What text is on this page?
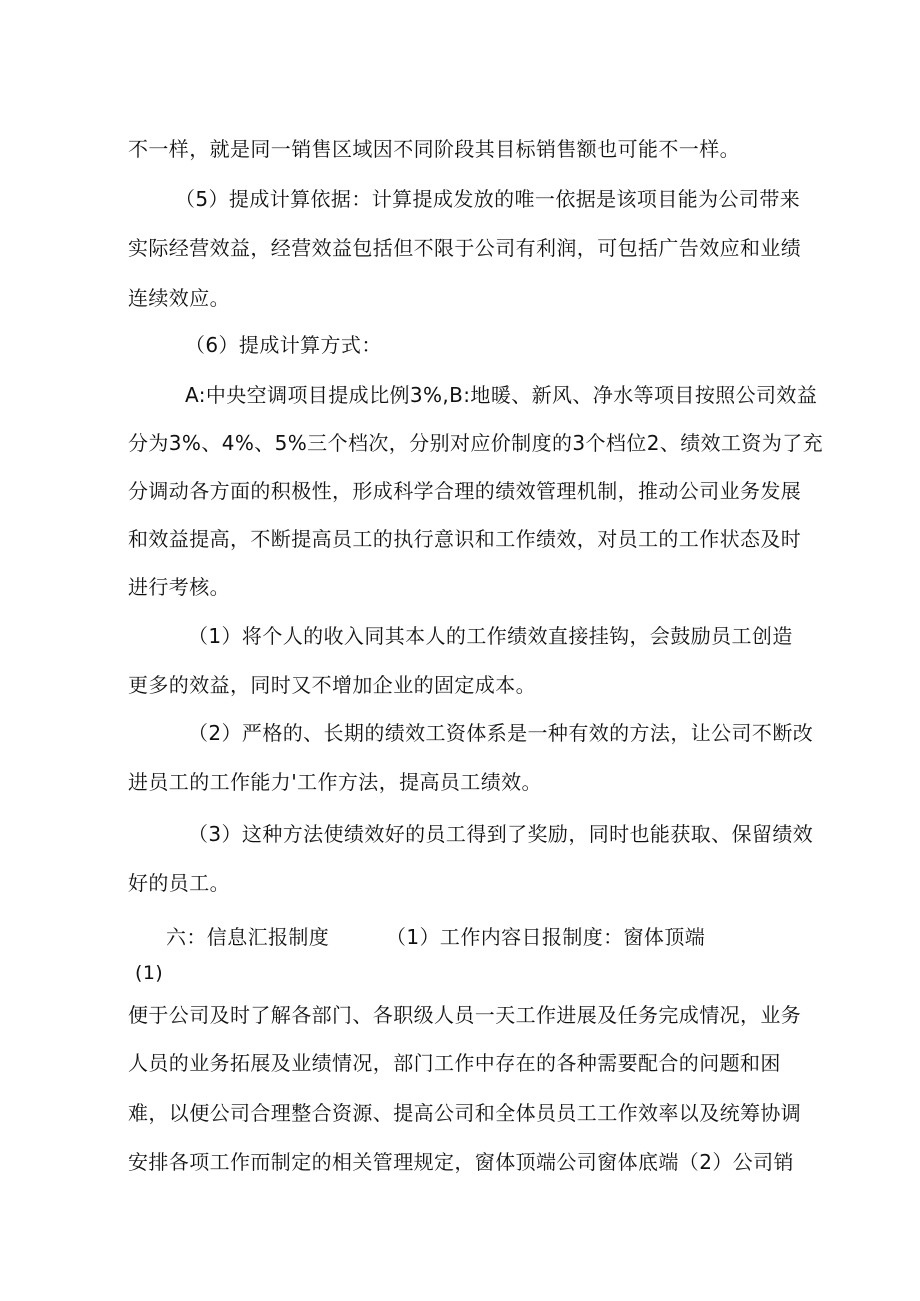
不一样，就是同一销售区域因不同阶段其目标销售额也可能不一样。
（5）提成计算依据：计算提成发放的唯一依据是该项目能为公司带来
实际经营效益，经营效益包括但不限于公司有利润，可包括广告效应和业绩
连续效应。
（6）提成计算方式：
A:中央空调项目提成比例3%,B:地暖、新风、净水等项目按照公司效益
分为3%、4%、5%三个档次，分别对应价制度的3个档位2、绩效工资为了充
分调动各方面的积极性，形成科学合理的绩效管理机制，推动公司业务发展
和效益提高，不断提高员工的执行意识和工作绩效，对员工的工作状态及时
进行考核。
（1）将个人的收入同其本人的工作绩效直接挂钩，会鼓励员工创造
更多的效益，同时又不增加企业的固定成本。
（2）严格的、长期的绩效工资体系是一种有效的方法，让公司不断改
进员工的工作能力'工作方法，提高员工绩效。
（3）这种方法使绩效好的员工得到了奖励，同时也能获取、保留绩效
好的员工。
六：信息汇报制度	（1）工作内容日报制度：窗体顶端
(1)
便于公司及时了解各部门、各职级人员一天工作进展及任务完成情况，业务
人员的业务拓展及业绩情况，部门工作中存在的各种需要配合的问题和困
难，以便公司合理整合资源、提高公司和全体员员工工作效率以及统筹协调
安排各项工作而制定的相关管理规定，窗体顶端公司窗体底端（2）公司销
